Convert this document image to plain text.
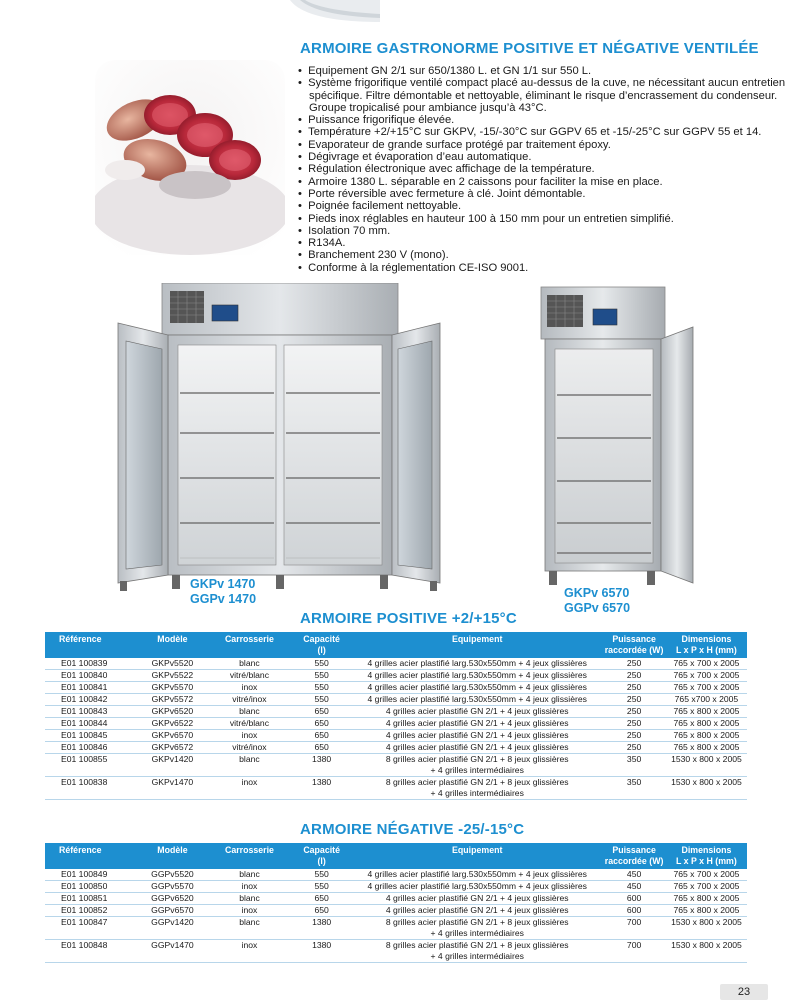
ARMOIRE GASTRONORME POSITIVE ET NÉGATIVE VENTILÉE
•  Equipement GN 2/1 sur 650/1380 L. et GN 1/1 sur 550 L.
•  Système frigorifique ventilé compact placé au-dessus de la cuve, ne nécessitant aucun entretien spécifique. Filtre démontable et nettoyable, éliminant le risque d’encrassement du condenseur. Groupe tropicalisé pour ambiance jusqu’à 43°C.
•  Puissance frigorifique élevée.
•  Température +2/+15°C sur GKPV, -15/-30°C sur GGPV 65 et -15/-25°C sur GGPV 55 et 14.
•  Evaporateur de grande surface protégé par traitement époxy.
•  Dégivrage et évaporation d’eau automatique.
•  Régulation électronique avec affichage de la température.
•  Armoire 1380 L. séparable en 2 caissons pour faciliter la mise en place.
•  Porte réversible avec fermeture à clé. Joint démontable.
•  Poignée facilement nettoyable.
•  Pieds inox réglables en hauteur 100 à 150 mm pour un entretien simplifié.
•  Isolation 70 mm.
•  R134A.
•  Branchement 230 V (mono).
•  Conforme à la réglementation CE-ISO 9001.

GKPv 1470
GGPv 1470	GKPv 6570
GGPv 6570

ARMOIRE POSITIVE +2/+15°C
Référence	Modèle	Carrosserie	Capacité
(l)	Equipement	Puissance
raccordée (W)	Dimensions
L x P x H (mm)
E01 100839	GKPv5520	blanc	550	4 grilles acier plastifié larg.530x550mm + 4 jeux glissières	250	765 x 700 x 2005
E01 100840	GKPv5522	vitré/blanc	550	4 grilles acier plastifié larg.530x550mm + 4 jeux glissières	250	765 x 700 x 2005
E01 100841	GKPv5570	inox	550	4 grilles acier plastifié larg.530x550mm + 4 jeux glissières	250	765 x 700 x 2005
E01 100842	GKPv5572	vitré/inox	550	4 grilles acier plastifié larg.530x550mm + 4 jeux glissières	250	765 x700 x 2005
E01 100843	GKPv6520	blanc	650	4 grilles acier plastifié GN 2/1 + 4 jeux glissières	250	765 x 800 x 2005
E01 100844	GKPv6522	vitré/blanc	650	4 grilles acier plastifié GN 2/1 + 4 jeux glissières	250	765 x 800 x 2005
E01 100845	GKPv6570	inox	650	4 grilles acier plastifié GN 2/1 + 4 jeux glissières	250	765 x 800 x 2005
E01 100846	GKPv6572	vitré/inox	650	4 grilles acier plastifié GN 2/1 + 4 jeux glissières	250	765 x 800 x 2005
E01 100855	GKPv1420	blanc	1380	8 grilles acier plastifié GN 2/1 + 8 jeux glissières
+ 4 grilles intermédiaires	350	1530 x 800 x 2005
E01 100838	GKPv1470	inox	1380	8 grilles acier plastifié GN 2/1 + 8 jeux glissières
+ 4 grilles intermédiaires	350	1530 x 800 x 2005
ARMOIRE NÉGATIVE -25/-15°C
Référence	Modèle	Carrosserie	Capacité
(l)	Equipement	Puissance
raccordée (W)	Dimensions
L x P x H (mm)
E01 100849	GGPv5520	blanc	550	4 grilles acier plastifié larg.530x550mm + 4 jeux glissières	450	765 x 700 x 2005
E01 100850	GGPv5570	inox	550	4 grilles acier plastifié larg.530x550mm + 4 jeux glissières	450	765 x 700 x 2005
E01 100851	GGPv6520	blanc	650	4 grilles acier plastifié GN 2/1 + 4 jeux glissières	600	765 x 800 x 2005
E01 100852	GGPv6570	inox	650	4 grilles acier plastifié GN 2/1 + 4 jeux glissières	600	765 x 800 x 2005
E01 100847	GGPv1420	blanc	1380	8 grilles acier plastifié GN 2/1 + 8 jeux glissières
+ 4 grilles intermédiaires	700	1530 x 800 x 2005
E01 100848	GGPv1470	inox	1380	8 grilles acier plastifié GN 2/1 + 8 jeux glissières
+ 4 grilles intermédiaires	700	1530 x 800 x 2005
23
